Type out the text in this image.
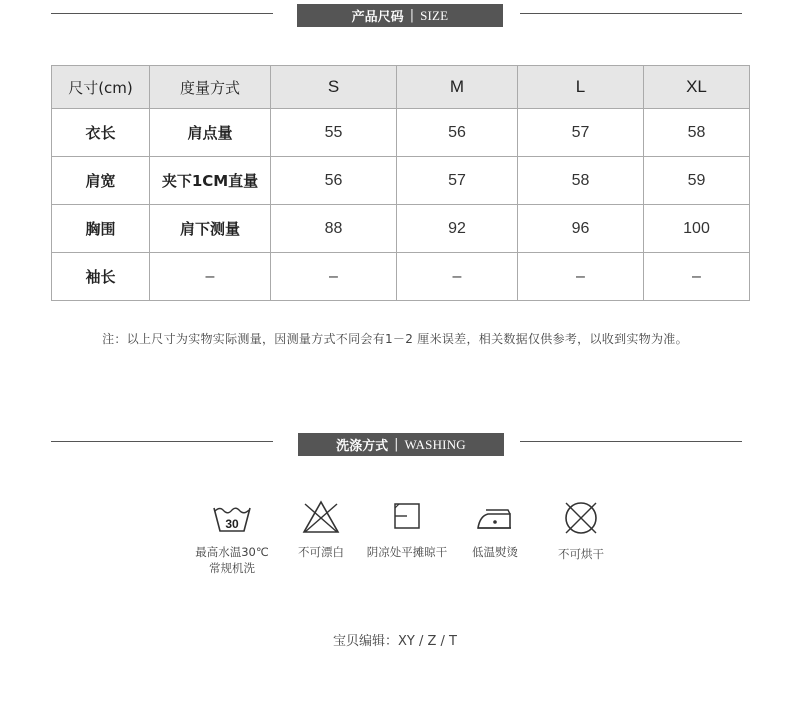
产品尺码 | SIZE
尺寸(cm)	度量方式	S	M	L	XL
衣长	肩点量	55	56	57	58
肩宽	夹下1CM直量	56	57	58	59
胸围	肩下测量	88	92	96	100
袖长	–	–	–	–	–
注：以上尺寸为实物实际测量，因测量方式不同会有1－2 厘米误差，相关数据仅供参考，以收到实物为准。
洗涤方式 | WASHING
30
最高水温30℃
常规机洗
不可漂白	阴凉处平摊晾干	低温熨烫	不可烘干
宝贝编辑：XY / Z / T
